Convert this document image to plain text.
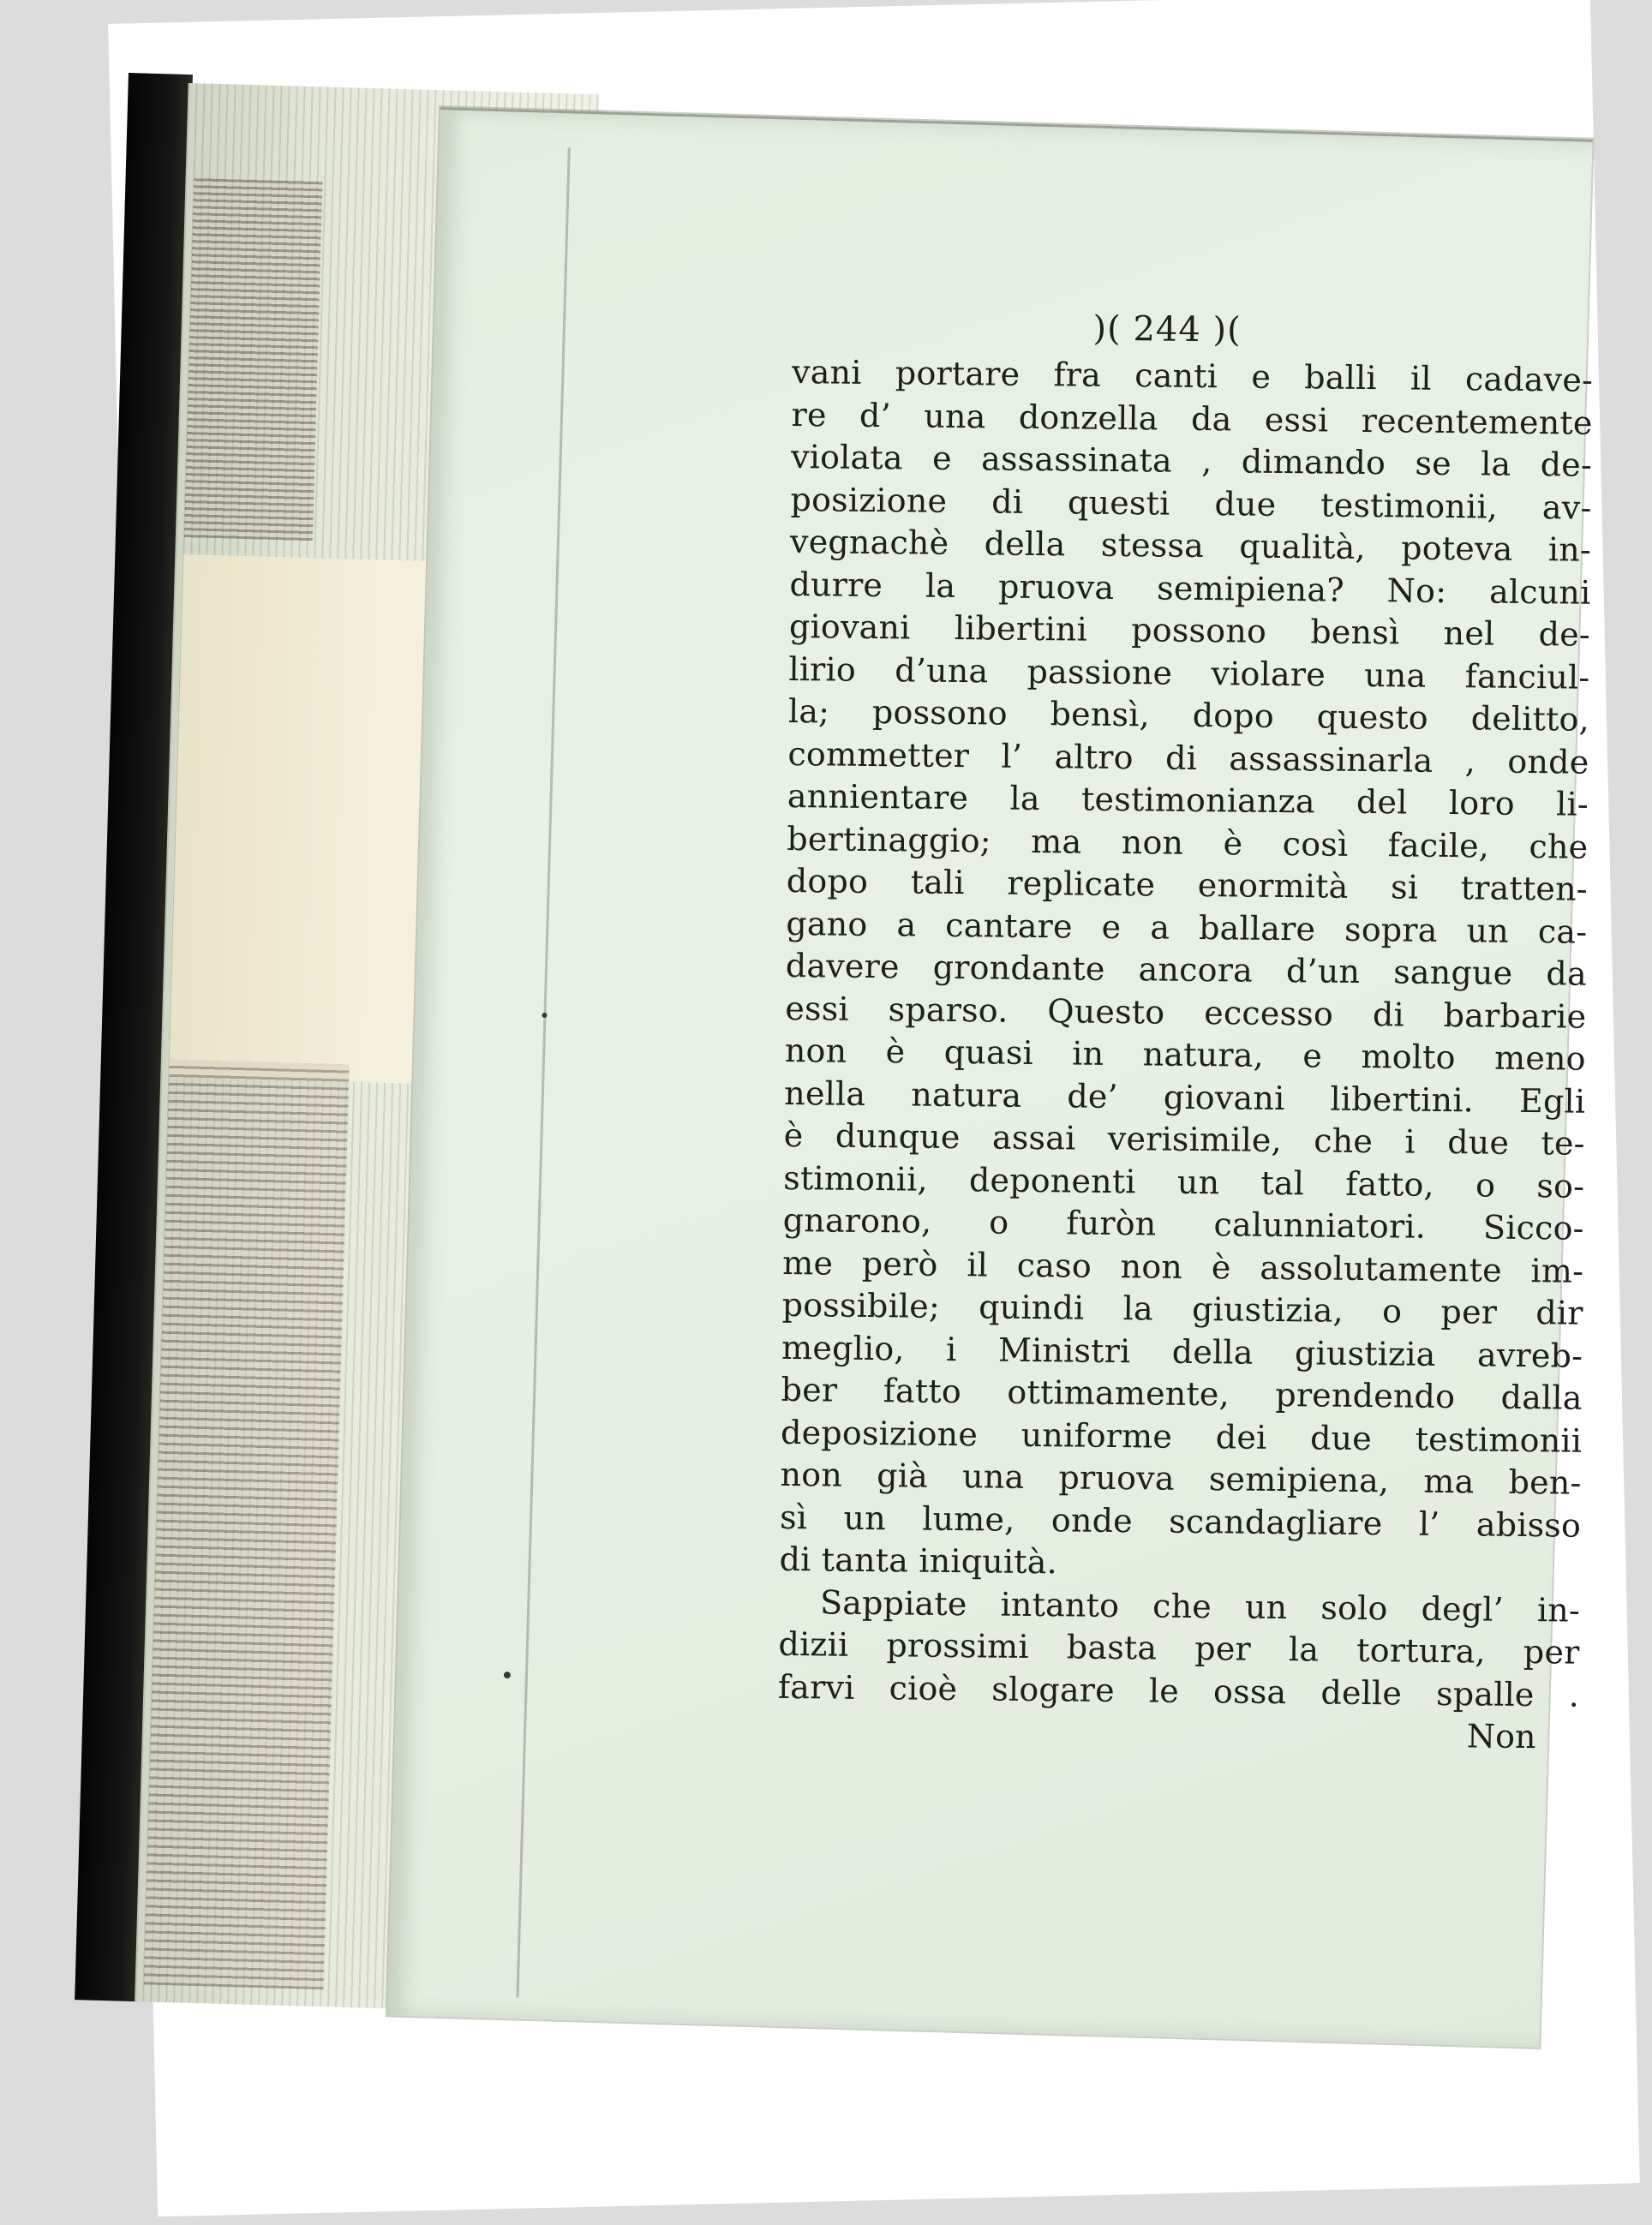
)( 244 )(
vani portare fra canti e balli il cadave-
re d’ una donzella da essi recentemente
violata e assassinata , dimando se la de-
posizione di questi due testimonii, av-
vegnachè della stessa qualità, poteva in-
durre la pruova semipiena? No: alcuni
giovani libertini possono bensì nel de-
lirio d’una passione violare una fanciul-
la; possono bensì, dopo questo delitto,
commetter l’ altro di assassinarla , onde
annientare la testimonianza del loro li-
bertinaggio; ma non è così facile, che
dopo tali replicate enormità si tratten-
gano a cantare e a ballare sopra un ca-
davere grondante ancora d’un sangue da
essi sparso. Questo eccesso di barbarie
non è quasi in natura, e molto meno
nella natura de’ giovani libertini. Egli
è dunque assai verisimile, che i due te-
stimonii, deponenti un tal fatto, o so-
gnarono, o furòn calunniatori. Sicco-
me però il caso non è assolutamente im-
possibile; quindi la giustizia, o per dir
meglio, i Ministri della giustizia avreb-
ber fatto ottimamente, prendendo dalla
deposizione uniforme dei due testimonii
non già una pruova semipiena, ma ben-
sì un lume, onde scandagliare l’ abisso
di tanta iniquità.
Sappiate intanto che un solo degl’ in-
dizii prossimi basta per la tortura, per
farvi cioè slogare le ossa delle spalle .
Non
